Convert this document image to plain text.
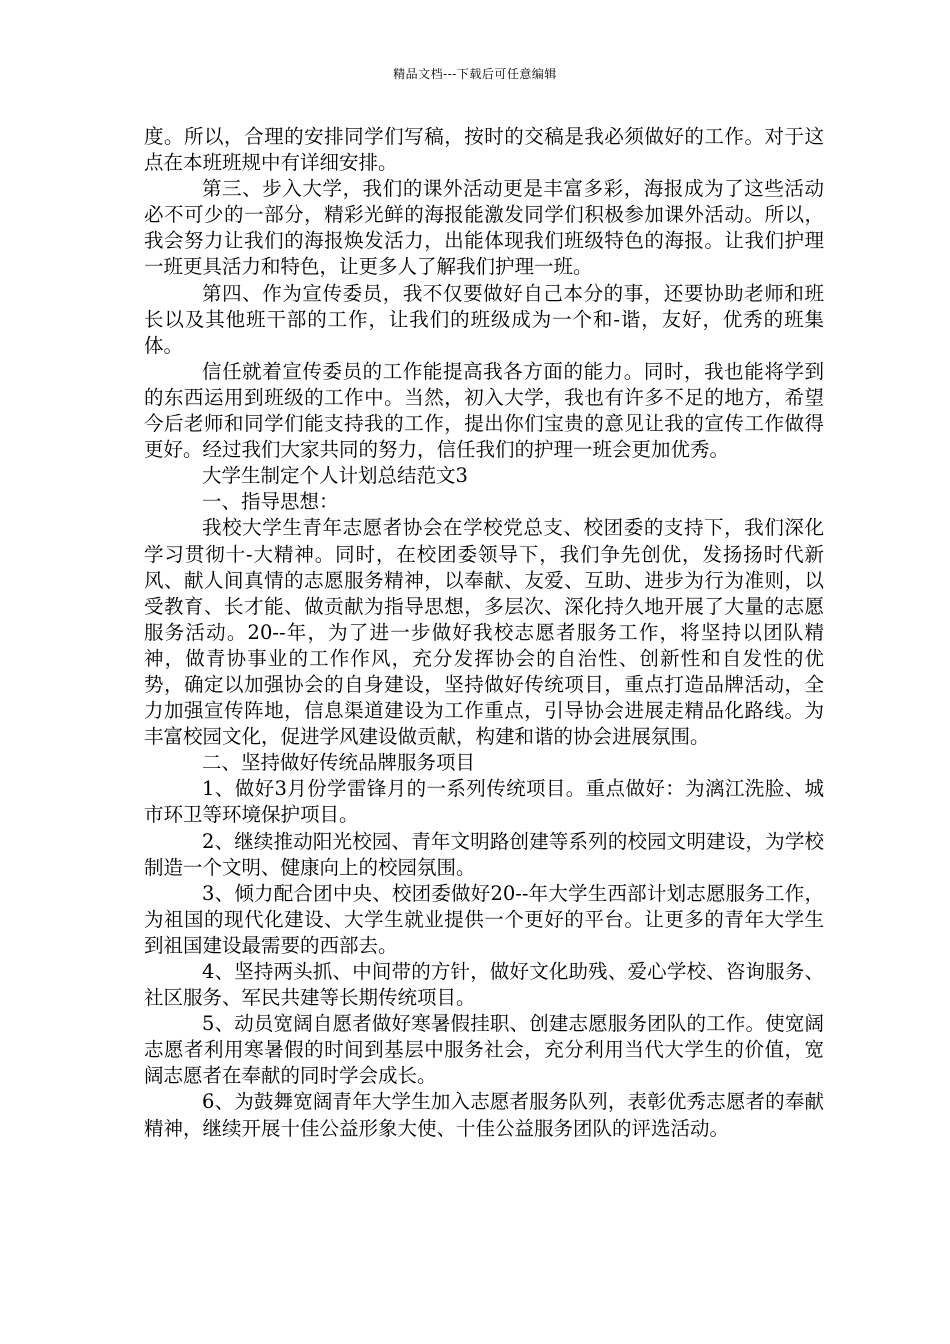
精品文档---下载后可任意编辑

度。所以，合理的安排同学们写稿，按时的交稿是我必须做好的工作。对于这点在本班班规中有详细安排。

第三、步入大学，我们的课外活动更是丰富多彩，海报成为了这些活动必不可少的一部分，精彩光鲜的海报能激发同学们积极参加课外活动。所以，我会努力让我们的海报焕发活力，出能体现我们班级特色的海报。让我们护理一班更具活力和特色，让更多人了解我们护理一班。

第四、作为宣传委员，我不仅要做好自己本分的事，还要协助老师和班长以及其他班干部的工作，让我们的班级成为一个和-谐，友好，优秀的班集体。

信任就着宣传委员的工作能提高我各方面的能力。同时，我也能将学到的东西运用到班级的工作中。当然，初入大学，我也有许多不足的地方，希望今后老师和同学们能支持我的工作，提出你们宝贵的意见让我的宣传工作做得更好。经过我们大家共同的努力，信任我们的护理一班会更加优秀。

大学生制定个人计划总结范文3

一、指导思想：

我校大学生青年志愿者协会在学校党总支、校团委的支持下，我们深化学习贯彻十-大精神。同时，在校团委领导下，我们争先创优，发扬扬时代新风、献人间真情的志愿服务精神，以奉献、友爱、互助、进步为行为准则，以受教育、长才能、做贡献为指导思想，多层次、深化持久地开展了大量的志愿服务活动。20--年，为了进一步做好我校志愿者服务工作，将坚持以团队精神，做青协事业的工作作风，充分发挥协会的自治性、创新性和自发性的优势，确定以加强协会的自身建设，坚持做好传统项目，重点打造品牌活动，全力加强宣传阵地，信息渠道建设为工作重点，引导协会进展走精品化路线。为丰富校园文化，促进学风建设做贡献，构建和谐的协会进展氛围。

二、坚持做好传统品牌服务项目

1、做好3月份学雷锋月的一系列传统项目。重点做好：为漓江洗脸、城市环卫等环境保护项目。

2、继续推动阳光校园、青年文明路创建等系列的校园文明建设，为学校制造一个文明、健康向上的校园氛围。

3、倾力配合团中央、校团委做好20--年大学生西部计划志愿服务工作，为祖国的现代化建设、大学生就业提供一个更好的平台。让更多的青年大学生到祖国建设最需要的西部去。

4、坚持两头抓、中间带的方针，做好文化助残、爱心学校、咨询服务、社区服务、军民共建等长期传统项目。

5、动员宽阔自愿者做好寒暑假挂职、创建志愿服务团队的工作。使宽阔志愿者利用寒暑假的时间到基层中服务社会，充分利用当代大学生的价值，宽阔志愿者在奉献的同时学会成长。

6、为鼓舞宽阔青年大学生加入志愿者服务队列，表彰优秀志愿者的奉献精神，继续开展十佳公益形象大使、十佳公益服务团队的评选活动。
